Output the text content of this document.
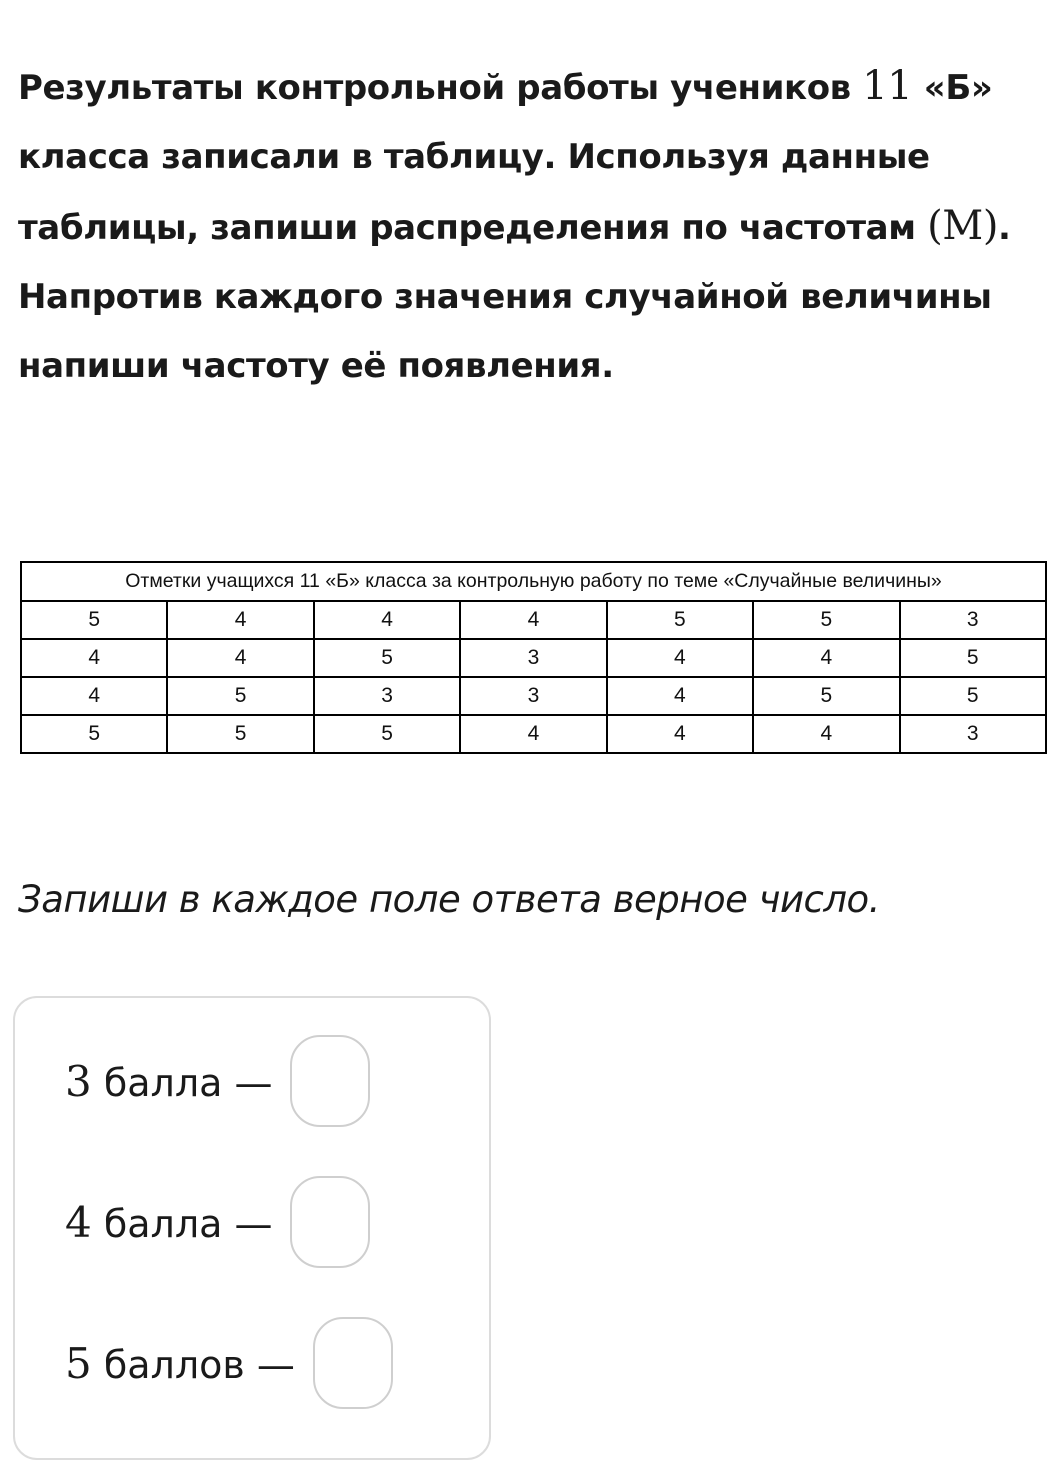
Результаты контрольной работы учеников 11 «Б» класса записали в таблицу. Используя данные таблицы, запиши распределения по частотам (M). Напротив каждого значения случайной величины напиши частоту её появления.

Отметки учащихся 11 «Б» класса за контрольную работу по теме «Случайные величины»						
5	4	4	4	5	5	3
4	4	5	3	4	4	5
4	5	3	3	4	5	5
5	5	5	4	4	4	3

Запиши в каждое поле ответа верное число.

3 балла —
4 балла —
5 баллов —
